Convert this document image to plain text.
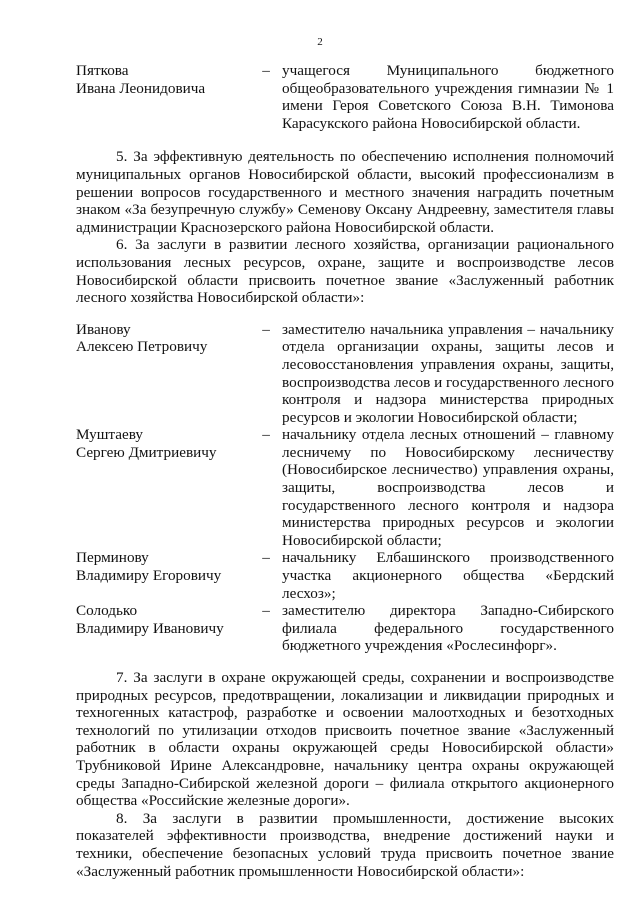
2
Пяткова
Ивана Леонидовича
– учащегося Муниципального бюджетного общеобразовательного учреждения гимназии № 1 имени Героя Советского Союза В.Н. Тимонова Карасукского района Новосибирской области.

5. За эффективную деятельность по обеспечению исполнения полномочий муниципальных органов Новосибирской области, высокий профессионализм в решении вопросов государственного и местного значения наградить почетным знаком «За безупречную службу» Семенову Оксану Андреевну, заместителя главы администрации Краснозерского района Новосибирской области.

6. За заслуги в развитии лесного хозяйства, организации рационального использования лесных ресурсов, охране, защите и воспроизводстве лесов Новосибирской области присвоить почетное звание «Заслуженный работник лесного хозяйства Новосибирской области»:

Иванову
Алексею Петровичу
– заместителю начальника управления – начальнику отдела организации охраны, защиты лесов и лесовосстановления управления охраны, защиты, воспроизводства лесов и государственного лесного контроля и надзора министерства природных ресурсов и экологии Новосибирской области;
Муштаеву
Сергею Дмитриевичу
– начальнику отдела лесных отношений – главному лесничему по Новосибирскому лесничеству (Новосибирское лесничество) управления охраны, защиты, воспроизводства лесов и государственного лесного контроля и надзора министерства природных ресурсов и экологии Новосибирской области;
Перминову
Владимиру Егоровичу
– начальнику Елбашинского производственного участка акционерного общества «Бердский лесхоз»;
Солодько
Владимиру Ивановичу
– заместителю директора Западно-Сибирского филиала федерального государственного бюджетного учреждения «Рослесинфорг».

7. За заслуги в охране окружающей среды, сохранении и воспроизводстве природных ресурсов, предотвращении, локализации и ликвидации природных и техногенных катастроф, разработке и освоении малоотходных и безотходных технологий по утилизации отходов присвоить почетное звание «Заслуженный работник в области охраны окружающей среды Новосибирской области» Трубниковой Ирине Александровне, начальнику центра охраны окружающей среды Западно-Сибирской железной дороги – филиала открытого акционерного общества «Российские железные дороги».

8. За заслуги в развитии промышленности, достижение высоких показателей эффективности производства, внедрение достижений науки и техники, обеспечение безопасных условий труда присвоить почетное звание «Заслуженный работник промышленности Новосибирской области»:
